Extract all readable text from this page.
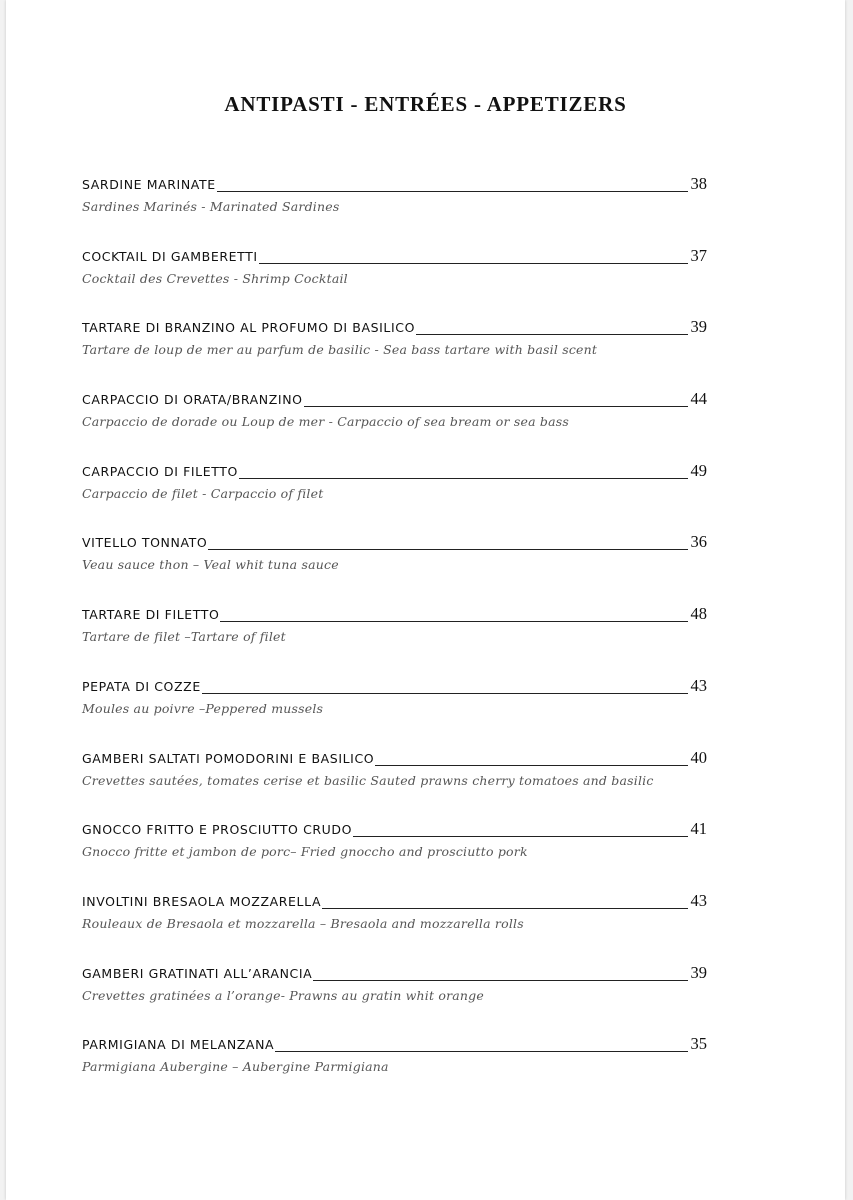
ANTIPASTI - ENTRÉES - APPETIZERS
SARDINE MARINATE	38
Sardines Marinés - Marinated Sardines
COCKTAIL DI GAMBERETTI	37
Cocktail des Crevettes - Shrimp Cocktail
TARTARE DI BRANZINO AL PROFUMO DI BASILICO	39
Tartare de loup de mer au parfum de basilic - Sea bass tartare with basil scent
CARPACCIO DI ORATA/BRANZINO	44
Carpaccio de dorade ou Loup de mer - Carpaccio of sea bream or sea bass
CARPACCIO DI FILETTO	49
Carpaccio de filet - Carpaccio of filet
VITELLO TONNATO	36
Veau sauce thon – Veal whit tuna sauce
TARTARE DI FILETTO	48
Tartare de filet –Tartare of filet
PEPATA DI COZZE	43
Moules au poivre –Peppered mussels
GAMBERI SALTATI POMODORINI E BASILICO	40
Crevettes sautées, tomates cerise et basilic Sauted prawns cherry tomatoes and basilic
GNOCCO FRITTO E PROSCIUTTO CRUDO	41
Gnocco fritte et jambon de porc– Fried gnocchο and prosciutto pork
INVOLTINI BRESAOLA MOZZARELLA	43
Rouleaux de Bresaola et mozzarella – Bresaola and mozzarella rolls
GAMBERI GRATINATI ALL’ARANCIA	39
Crevettes gratinées a l’orange- Prawns au gratin whit orange
PARMIGIANA DI MELANZANA	35
Parmigiana Aubergine – Aubergine Parmigiana
